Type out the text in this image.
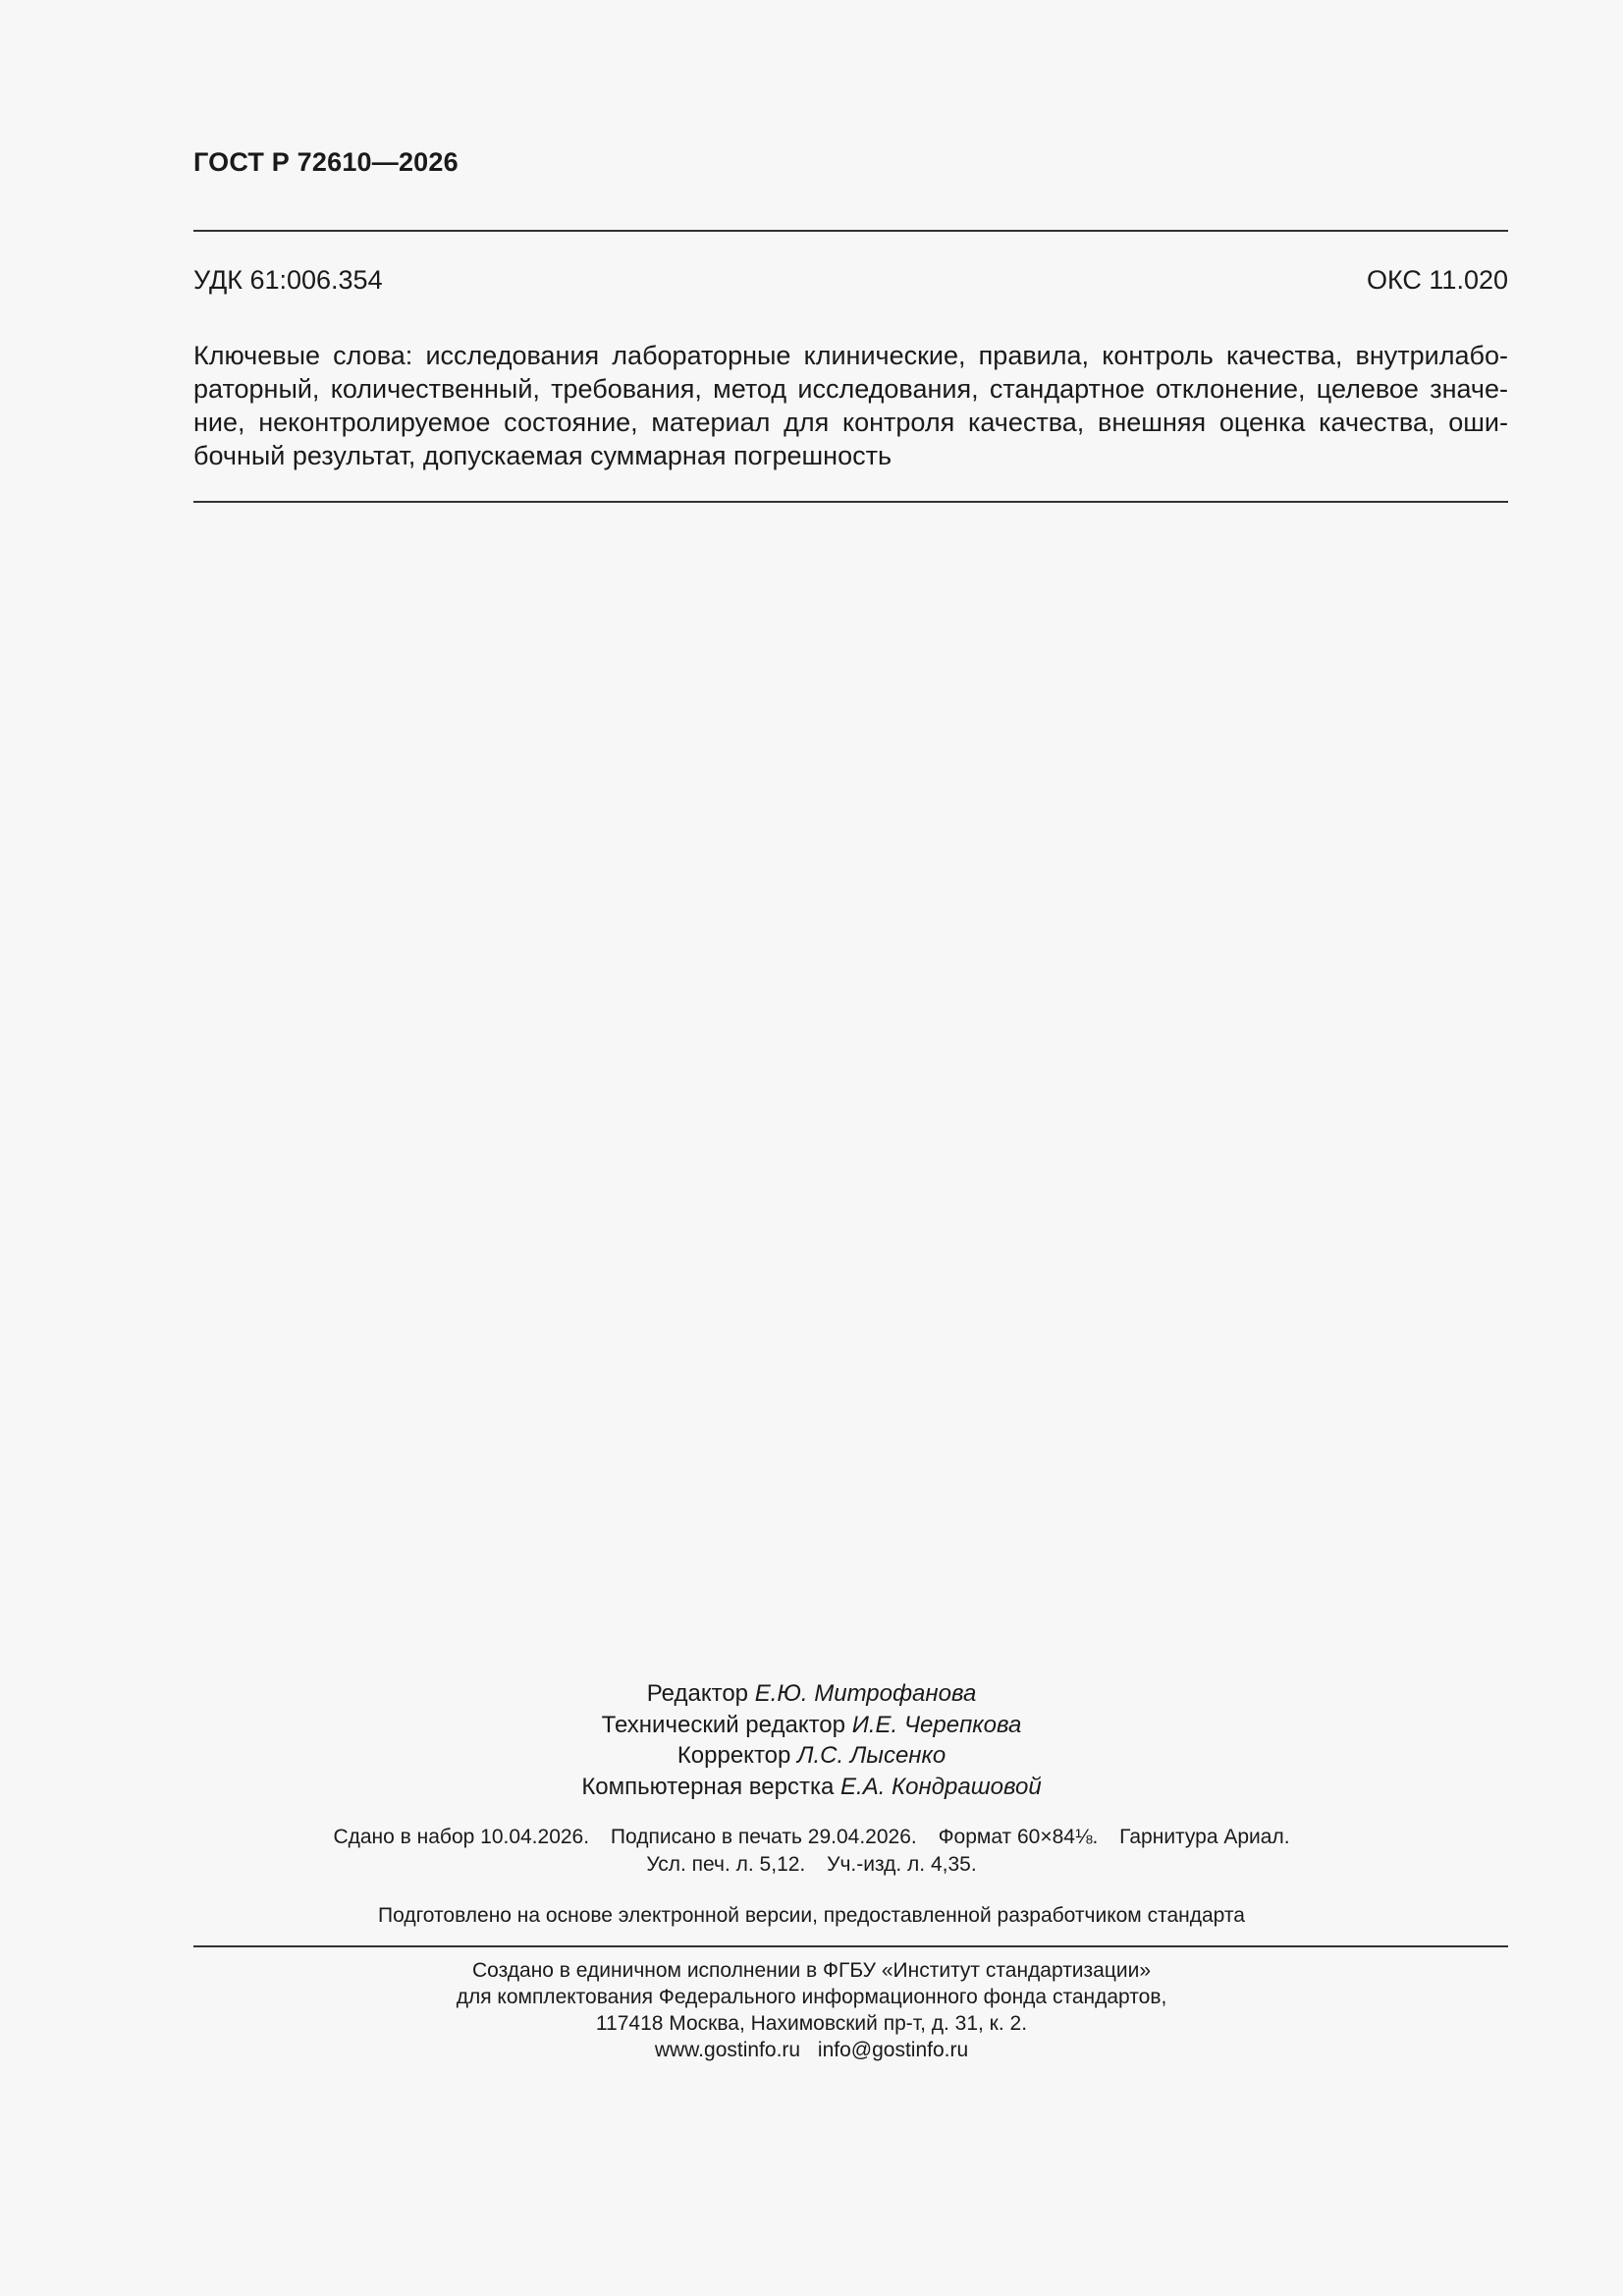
ГОСТ Р 72610—2026
УДК 61:006.354	ОКС 11.020
Ключевые слова: исследования лабораторные клинические, правила, контроль качества, внутрилабораторный, количественный, требования, метод исследования, стандартное отклонение, целевое значение, неконтролируемое состояние, материал для контроля качества, внешняя оценка качества, ошибочный результат, допускаемая суммарная погрешность
Редактор Е.Ю. Митрофанова
Технический редактор И.Е. Черепкова
Корректор Л.С. Лысенко
Компьютерная верстка Е.А. Кондрашовой
Сдано в набор 10.04.2026. Подписано в печать 29.04.2026. Формат 60×84⅛. Гарнитура Ариал.
Усл. печ. л. 5,12. Уч.-изд. л. 4,35.
Подготовлено на основе электронной версии, предоставленной разработчиком стандарта
Создано в единичном исполнении в ФГБУ «Институт стандартизации»
для комплектования Федерального информационного фонда стандартов,
117418 Москва, Нахимовский пр-т, д. 31, к. 2.
www.gostinfo.ru info@gostinfo.ru
